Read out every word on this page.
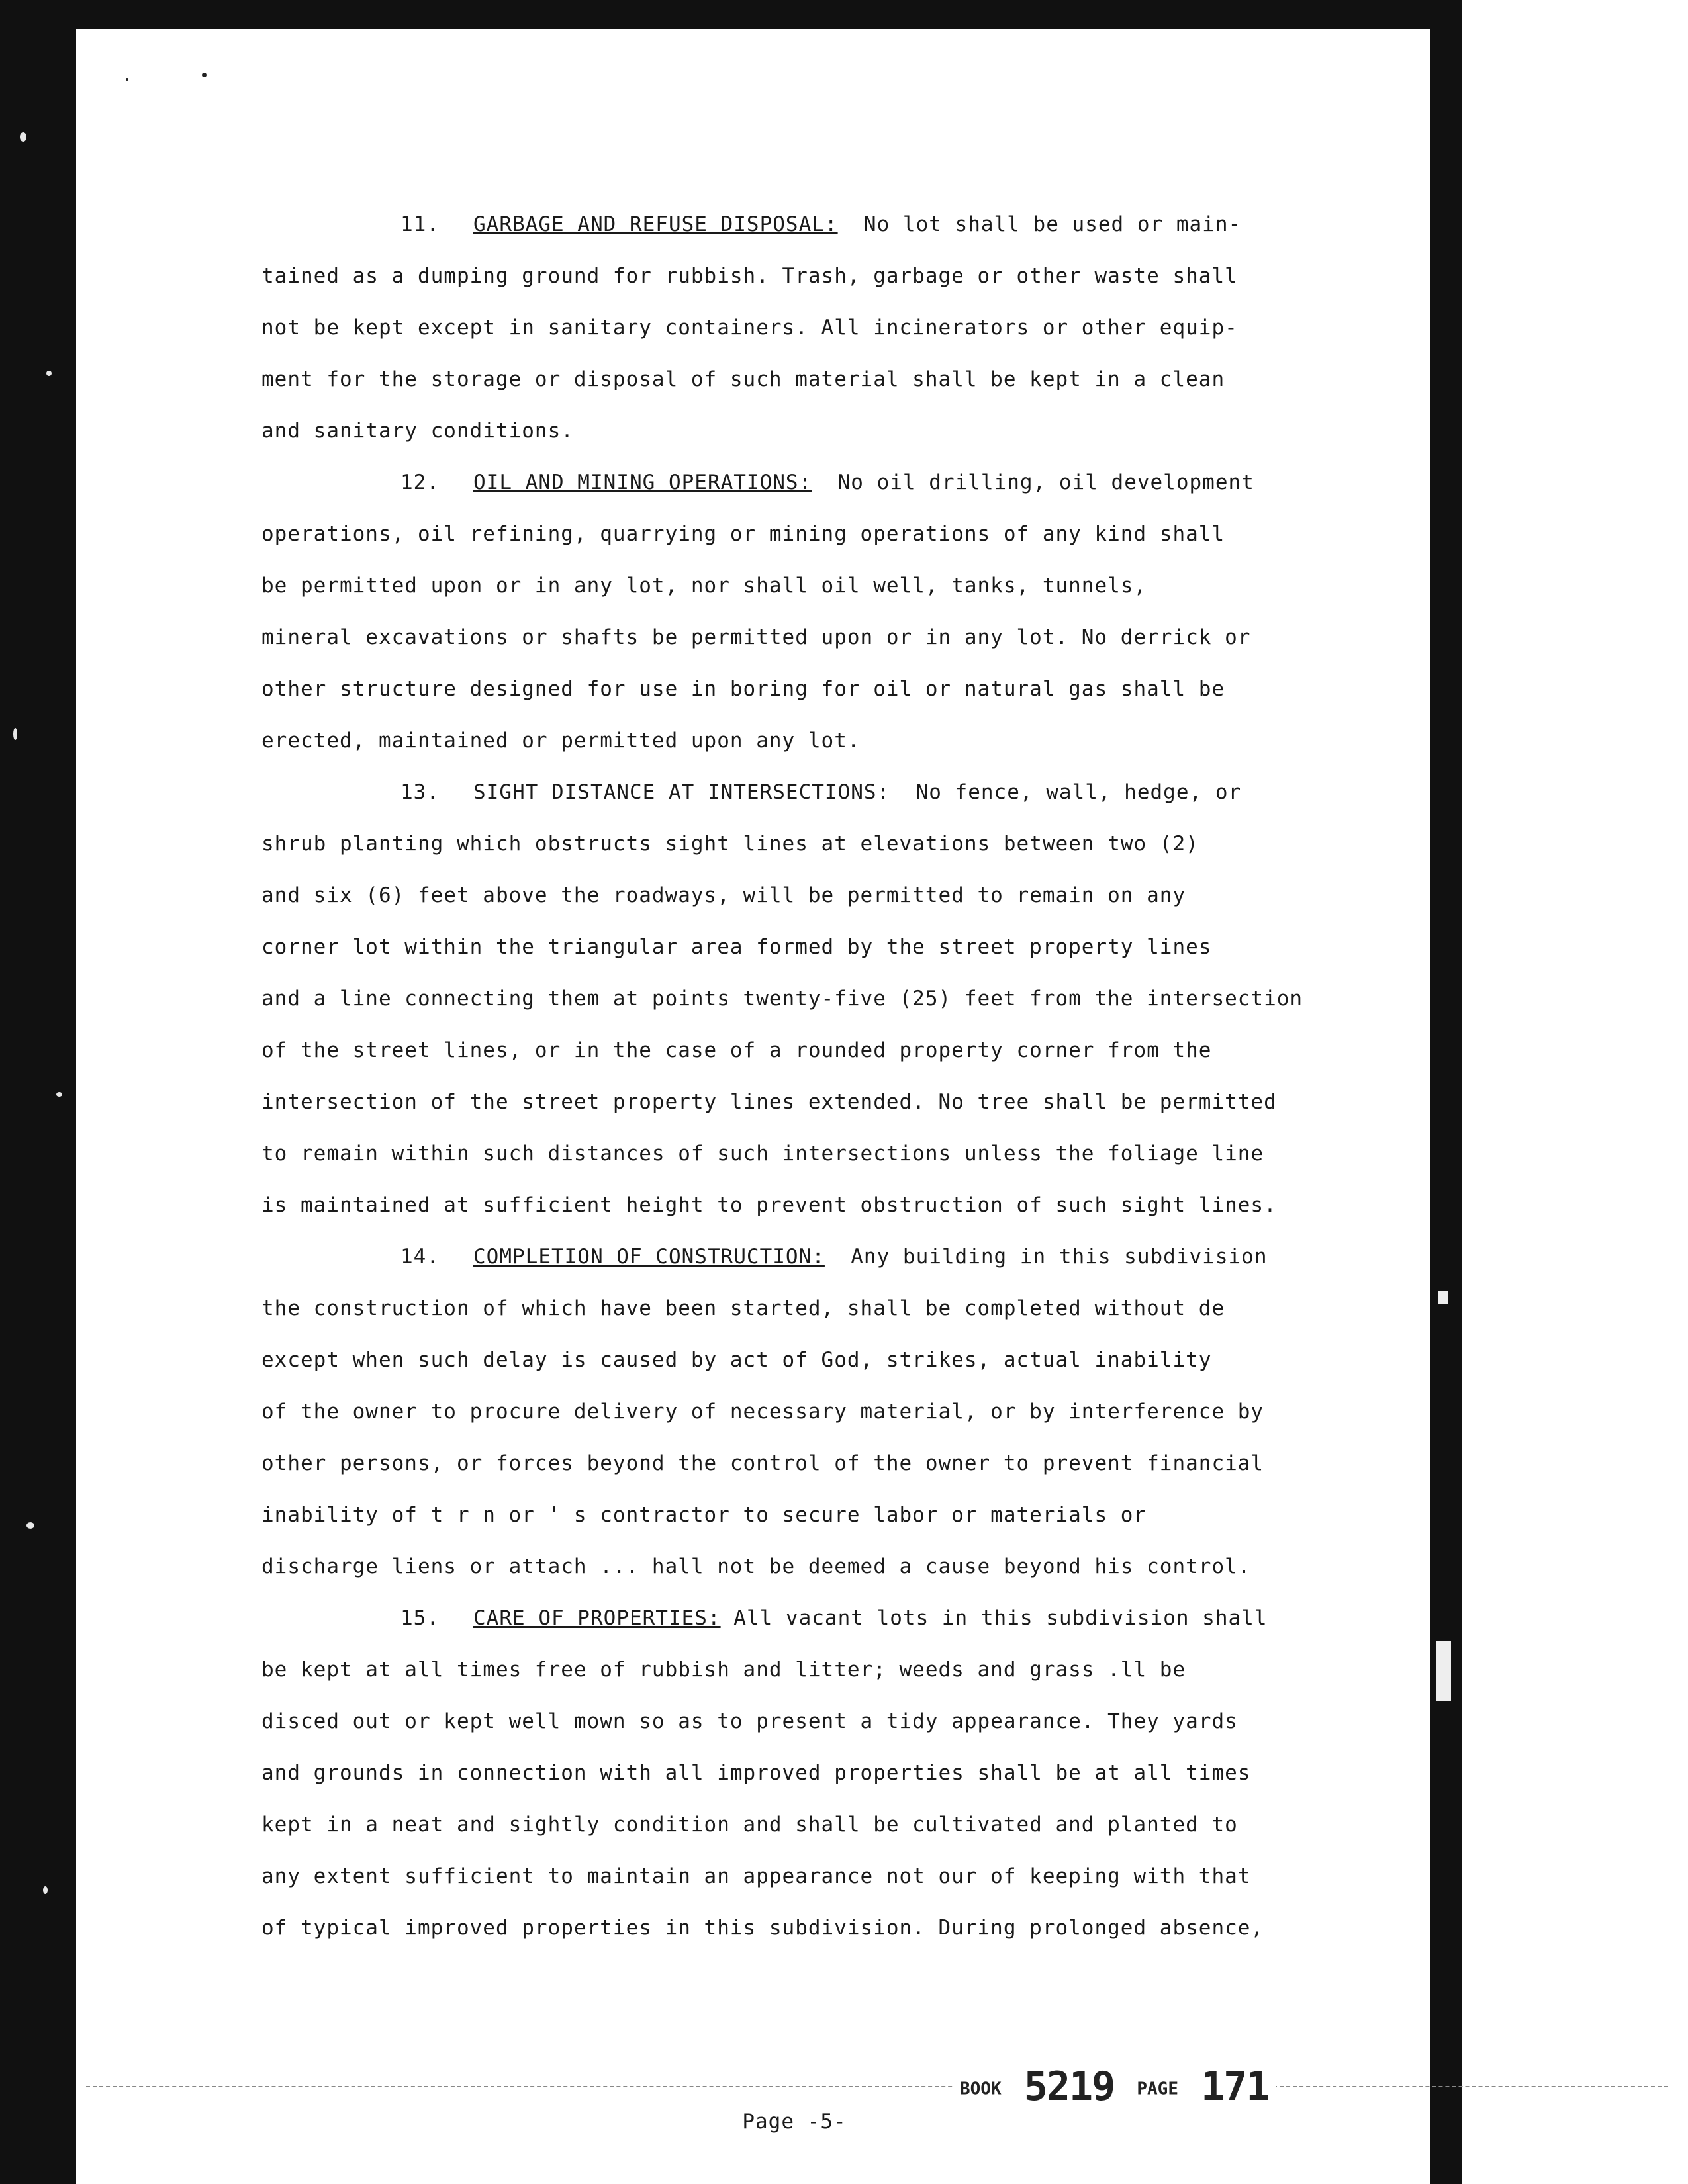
11. GARBAGE AND REFUSE DISPOSAL: No lot shall be used or main-
tained as a dumping ground for rubbish. Trash, garbage or other waste shall
not be kept except in sanitary containers. All incinerators or other equip-
ment for the storage or disposal of such material shall be kept in a clean
and sanitary conditions.
12. OIL AND MINING OPERATIONS: No oil drilling, oil development
operations, oil refining, quarrying or mining operations of any kind shall
be permitted upon or in any lot, nor shall oil well, tanks, tunnels,
mineral excavations or shafts be permitted upon or in any lot. No derrick or
other structure designed for use in boring for oil or natural gas shall be
erected, maintained or permitted upon any lot.
13. SIGHT DISTANCE AT INTERSECTIONS: No fence, wall, hedge, or
shrub planting which obstructs sight lines at elevations between two (2)
and six (6) feet above the roadways, will be permitted to remain on any
corner lot within the triangular area formed by the street property lines
and a line connecting them at points twenty-five (25) feet from the intersection
of the street lines, or in the case of a rounded property corner from the
intersection of the street property lines extended. No tree shall be permitted
to remain within such distances of such intersections unless the foliage line
is maintained at sufficient height to prevent obstruction of such sight lines.
14. COMPLETION OF CONSTRUCTION: Any building in this subdivision
the construction of which have been started, shall be completed without de
except when such delay is caused by act of God, strikes, actual inability
of the owner to procure delivery of necessary material, or by interference by
other persons, or forces beyond the control of the owner to prevent financial
inability of t r n or ' s contractor to secure labor or materials or
discharge liens or attach ... hall not be deemed a cause beyond his control.
15. CARE OF PROPERTIES: All vacant lots in this subdivision shall
be kept at all times free of rubbish and litter; weeds and grass .ll be
disced out or kept well mown so as to present a tidy appearance. They yards
and grounds in connection with all improved properties shall be at all times
kept in a neat and sightly condition and shall be cultivated and planted to
any extent sufficient to maintain an appearance not our of keeping with that
of typical improved properties in this subdivision. During prolonged absence,
BOOK 5219 PAGE 171
Page -5-
